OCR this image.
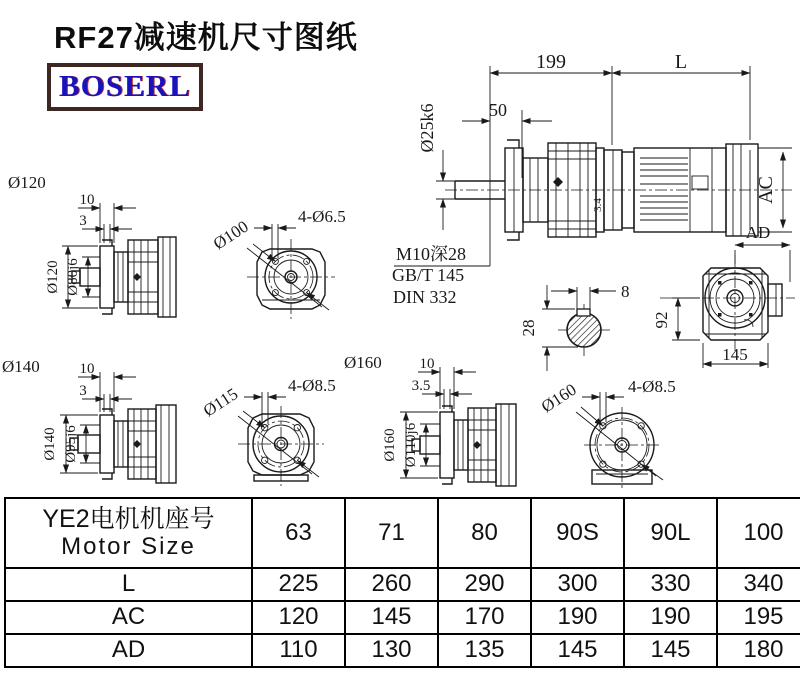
RF27减速机尺寸图纸
BOSERL
199	L
50
Ø25k6
AC
3.4
M10深28
GB/T 145
DIN 332	8
28
AD
92
145
Ø120
10
3
Ø120 Ø80j6
4-Ø6.5
Ø100
Ø140	10
3
Ø140 Ø95j6
4-Ø8.5
Ø115
Ø160	10
3.5
Ø160 Ø110j6
4-Ø8.5
Ø160
YE2电机机座号
Motor Size	63	71	80	90S	90L	100
L	225	260	290	300	330	340
AC	120	145	170	190	190	195
AD	110	130	135	145	145	180
